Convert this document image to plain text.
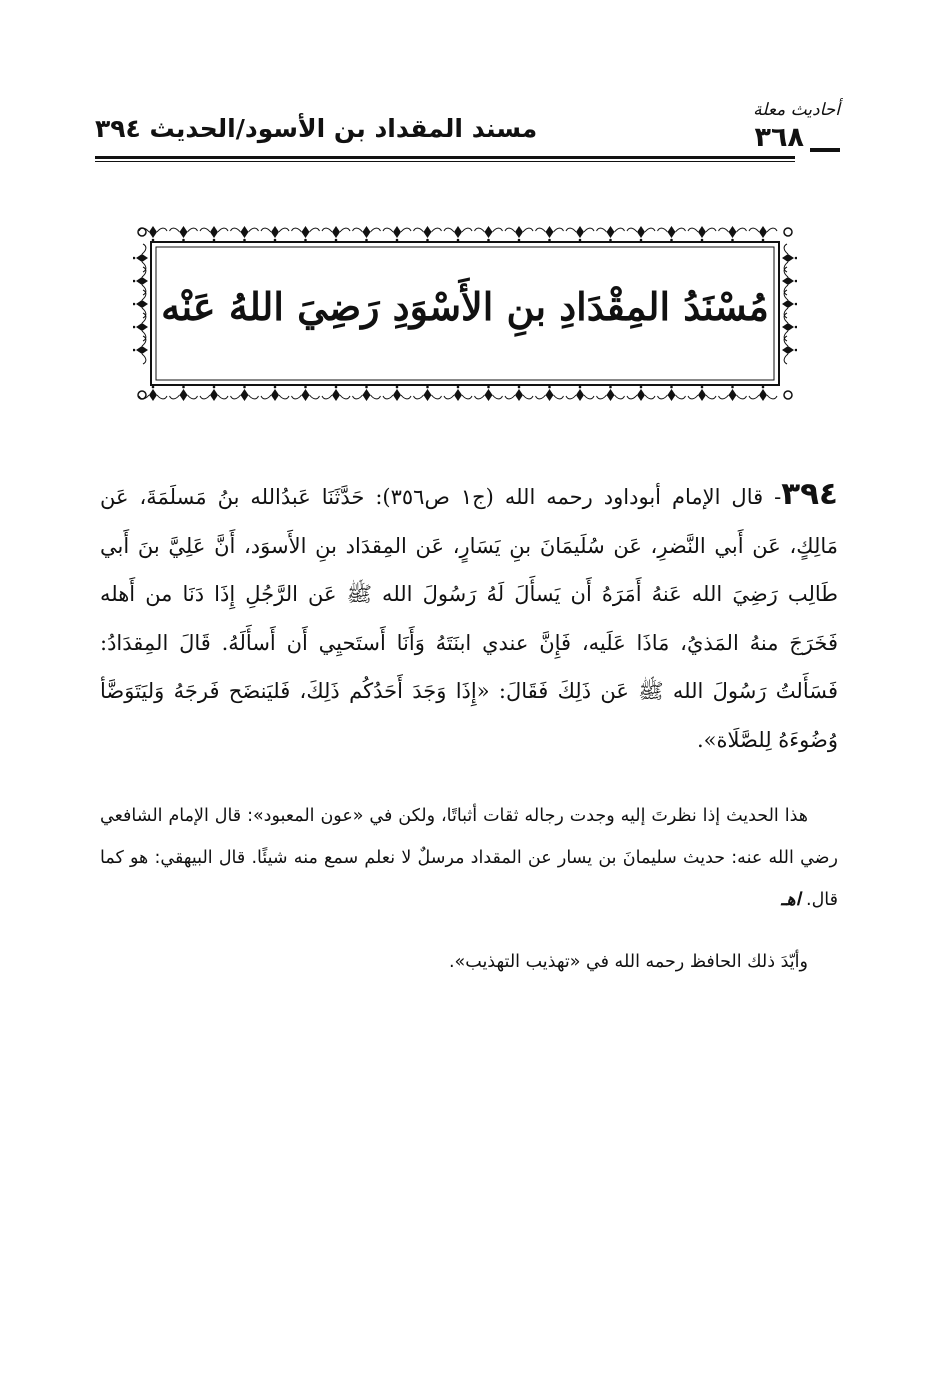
مسند المقداد بن الأسود/الحديث ٣٩٤
أحاديث معلة
٣٦٨
مُسْنَدُ المِقْدَادِ بنِ الأَسْوَدِ رَضِيَ اللهُ عَنْه
٣٩٤- قال الإمام أبوداود رحمه الله (ج١ ص٣٥٦): حَدَّثَنَا عَبدُالله بنُ مَسلَمَةَ، عَن مَالِكٍ، عَن أَبي النَّضرِ، عَن سُلَيمَانَ بنِ يَسَارٍ، عَن المِقدَاد بنِ الأَسوَد، أَنَّ عَلِيَّ بنَ أَبي طَالِب رَضِيَ الله عَنهُ أَمَرَهُ أَن يَسأَلَ لَهُ رَسُولَ الله ﷺ عَن الرَّجُلِ إِذَا دَنَا من أَهله فَخَرَجَ منهُ المَذيُ، مَاذَا عَلَيه، فَإِنَّ عندي ابنَتَهُ وَأَنَا أَستَحيِي أَن أَسأَلَهُ. قَالَ المِقدَادُ: فَسَأَلتُ رَسُولَ الله ﷺ عَن ذَلِكَ فَقَالَ: «إِذَا وَجَدَ أَحَدُكُم ذَلِكَ، فَليَنضَح فَرجَهُ وَليَتَوَضَّأ وُضُوءَهُ لِلصَّلَاة».
هذا الحديث إذا نظرتَ إليه وجدت رجاله ثقات أثباتًا، ولكن في «عون المعبود»: قال الإمام الشافعي رضي الله عنه: حديث سليمانَ بن يسار عن المقداد مرسلٌ لا نعلم سمع منه شيئًا. قال البيهقي: هو كما قال. اهـ
وأيّدَ ذلك الحافظ رحمه الله في «تهذيب التهذيب».
